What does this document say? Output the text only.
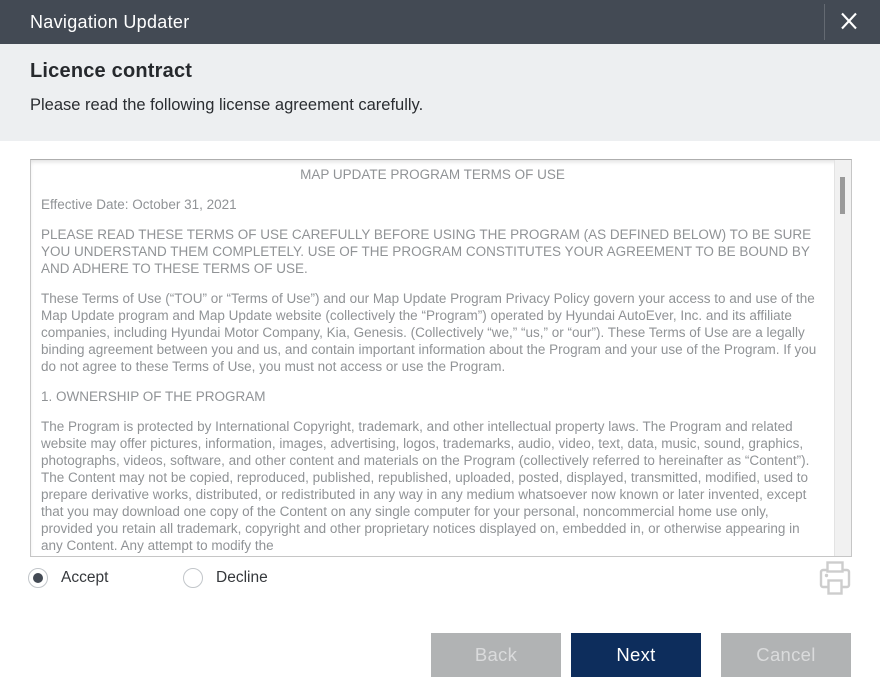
Navigation Updater
Licence contract
Please read the following license agreement carefully.

MAP UPDATE PROGRAM TERMS OF USE

Effective Date: October 31, 2021

PLEASE READ THESE TERMS OF USE CAREFULLY BEFORE USING THE PROGRAM (AS DEFINED BELOW) TO BE SURE YOU UNDERSTAND THEM COMPLETELY. USE OF THE PROGRAM CONSTITUTES YOUR AGREEMENT TO BE BOUND BY AND ADHERE TO THESE TERMS OF USE.

These Terms of Use (“TOU” or “Terms of Use”) and our Map Update Program Privacy Policy govern your access to and use of the Map Update program and Map Update website (collectively the “Program”) operated by Hyundai AutoEver, Inc. and its affiliate companies, including Hyundai Motor Company, Kia, Genesis. (Collectively “we,” “us,” or “our”). These Terms of Use are a legally binding agreement between you and us, and contain important information about the Program and your use of the Program. If you do not agree to these Terms of Use, you must not access or use the Program.

1. OWNERSHIP OF THE PROGRAM

The Program is protected by International Copyright, trademark, and other intellectual property laws. The Program and related website may offer pictures, information, images, advertising, logos, trademarks, audio, video, text, data, music, sound, graphics, photographs, videos, software, and other content and materials on the Program (collectively referred to hereinafter as “Content”). The Content may not be copied, reproduced, published, republished, uploaded, posted, displayed, transmitted, modified, used to prepare derivative works, distributed, or redistributed in any way in any medium whatsoever now known or later invented, except that you may download one copy of the Content on any single computer for your personal, noncommercial home use only, provided you retain all trademark, copyright and other proprietary notices displayed on, embedded in, or otherwise appearing in any Content. Any attempt to modify the

Accept	Decline
Back	Next	Cancel
